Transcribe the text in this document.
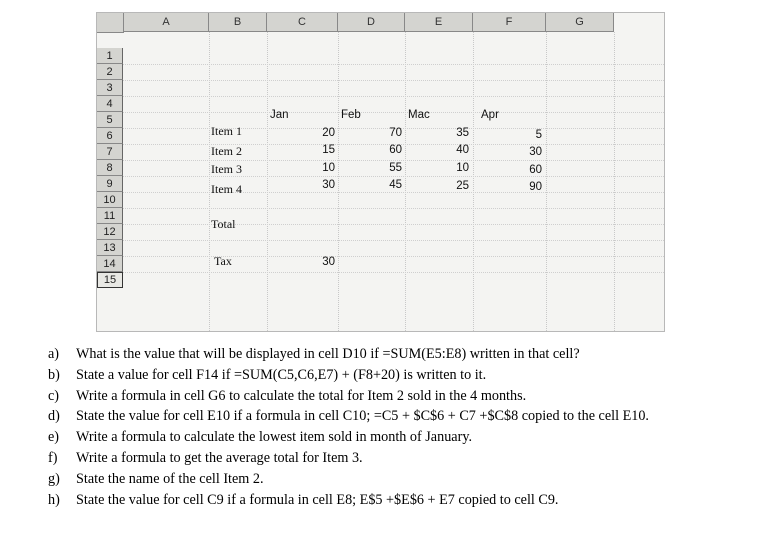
A	B	C	D	E	F	G
1
2
3
4
5
6
7
8
9
10
11
12
13
14
15
Jan	Feb	Mac	Apr
Item 1	20	70	35	5
Item 2	15	60	40	30
Item 3	10	55	10	60
Item 4	30	45	25	90
Total
Tax	30
a)	What is the value that will be displayed in cell D10 if =SUM(E5:E8) written in that cell?
b)	State a value for cell F14 if =SUM(C5,C6,E7) + (F8+20) is written to it.
c)	Write a formula in cell G6 to calculate the total for Item 2 sold in the 4 months.
d)	State the value for cell E10 if a formula in cell C10; =C5 + $C$6 + C7 +$C$8 copied to the cell E10.
e)	Write a formula to calculate the lowest item sold in month of January.
f)	Write a formula to get the average total for Item 3.
g)	State the name of the cell Item 2.
h)	State the value for cell C9 if a formula in cell E8; E$5 +$E$6 + E7 copied to cell C9.
